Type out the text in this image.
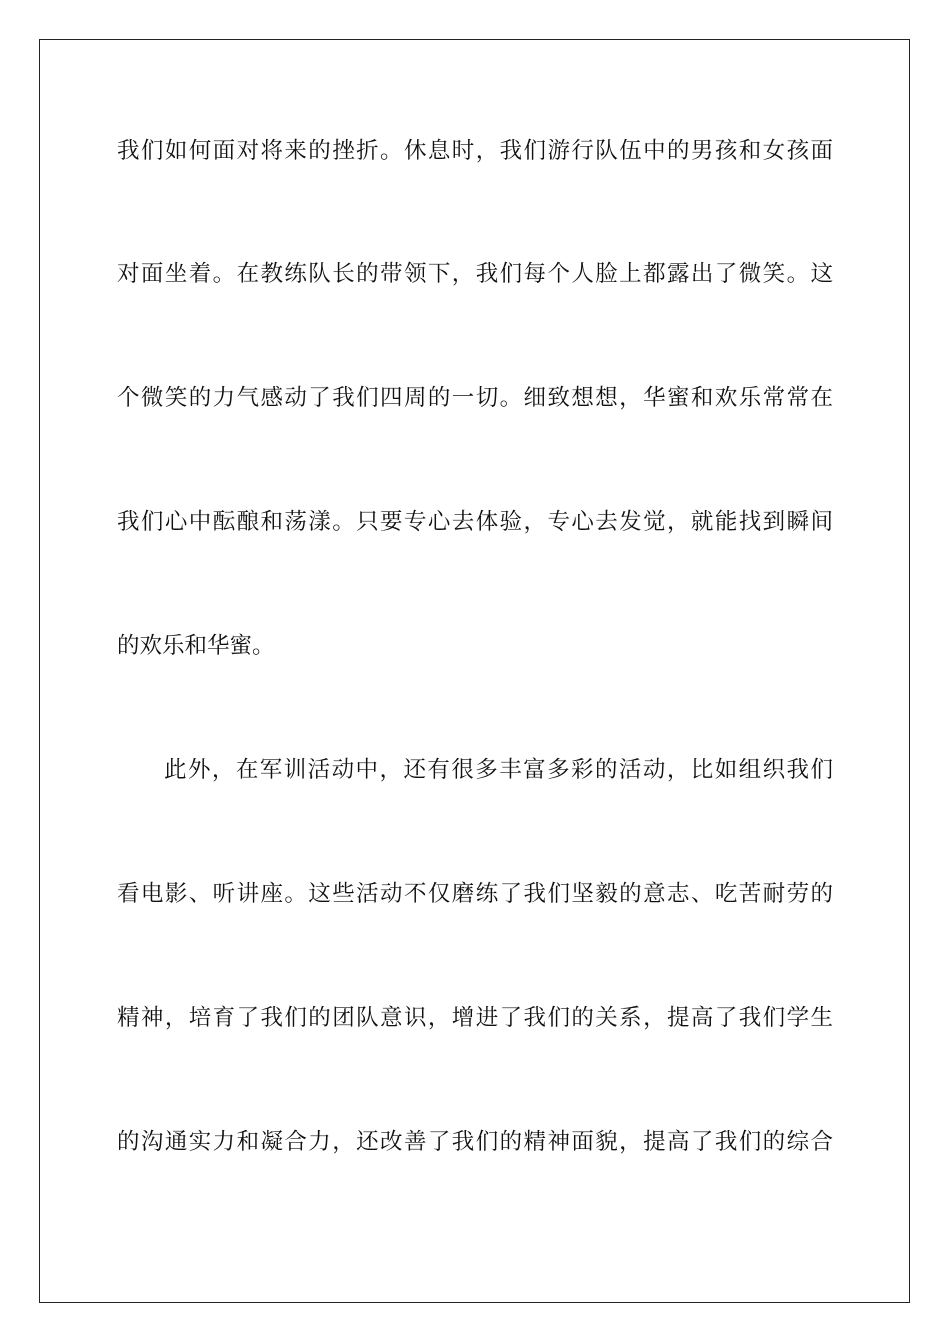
我们如何面对将来的挫折。休息时，我们游行队伍中的男孩和女孩面
对面坐着。在教练队长的带领下，我们每个人脸上都露出了微笑。这
个微笑的力气感动了我们四周的一切。细致想想，华蜜和欢乐常常在
我们心中酝酿和荡漾。只要专心去体验，专心去发觉，就能找到瞬间
的欢乐和华蜜。
此外，在军训活动中，还有很多丰富多彩的活动，比如组织我们
看电影、听讲座。这些活动不仅磨练了我们坚毅的意志、吃苦耐劳的
精神，培育了我们的团队意识，增进了我们的关系，提高了我们学生
的沟通实力和凝合力，还改善了我们的精神面貌，提高了我们的综合
